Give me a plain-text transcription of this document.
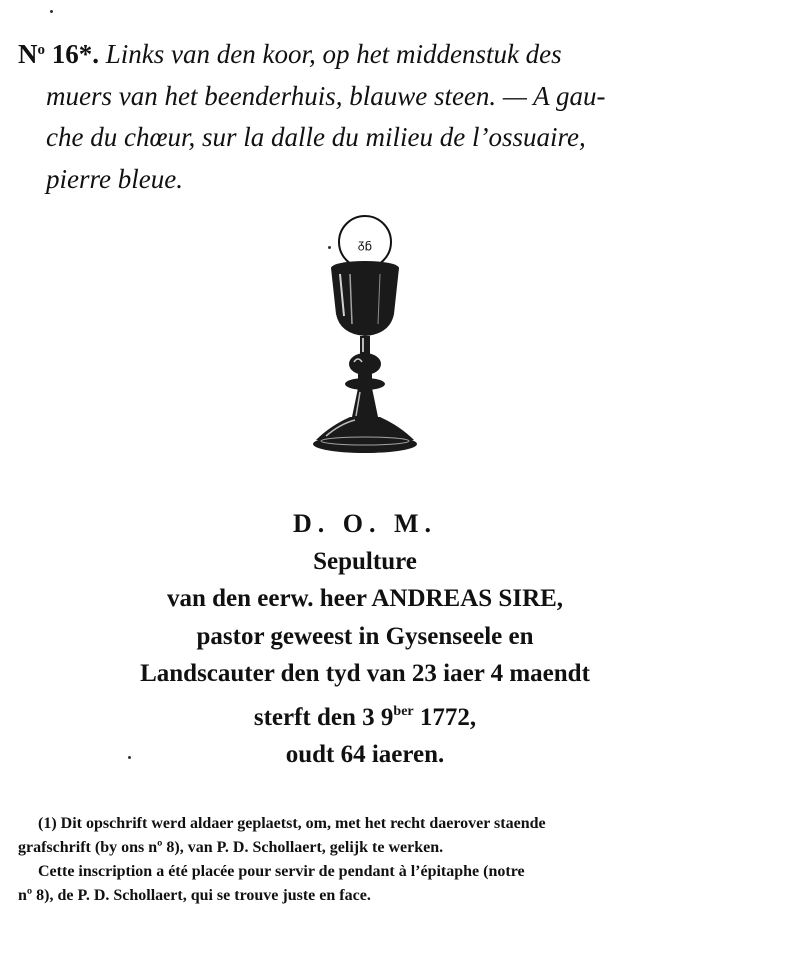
$N^o$ 16*. Links van den koor, op het middenstuk des
muers van het beenderhuis, blauwe steen. — A gau-
che du chœur, sur la dalle du milieu de l’ossuaire,
pierre bleue.
ᵹᵷ
D. O. M.
Sepulture
van den eerw. heer ANDREAS SIRE,
pastor geweest in Gysenseele en
Landscauter den tyd van 23 iaer 4 maendt
sterft den 3 $9^{ber}$ 1772,
oudt 64 iaeren.
(1) Dit opschrift werd aldaer geplaetst, om, met het recht daerover staende
grafschrift (by ons nº 8), van P. D. Schollaert, gelijk te werken.
Cette inscription a été placée pour servir de pendant à l’épitaphe (notre
nº 8), de P. D. Schollaert, qui se trouve juste en face.
